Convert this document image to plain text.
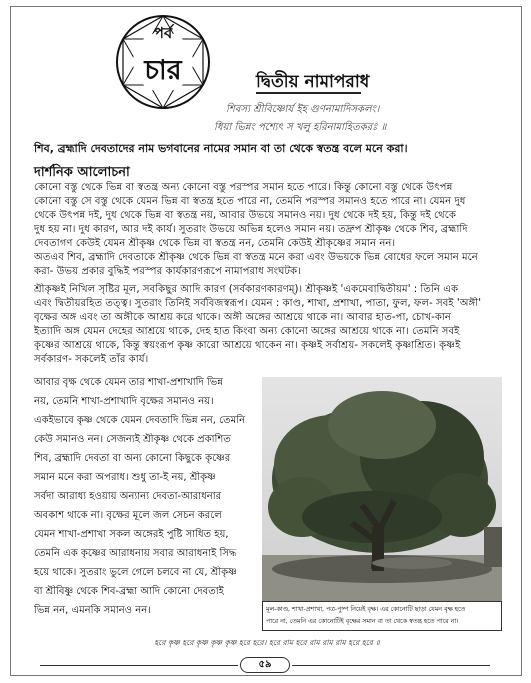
পর্ব
চার	দ্বিতীয় নামাপরাধ
শিবস্য শ্রীবিষ্ণোর্য ইহ গুণনামাদিসকলং।
ধিয়া ভিন্নং পশ্যেৎ স খলু হরিনামাহিতকরঃ ॥
শিব, ব্রহ্মাদি দেবতাদের নাম ভগবানের নামের সমান বা তা থেকে স্বতন্ত্র বলে মনে করা।
দার্শনিক আলোচনা
কোনো বস্তু থেকে ভিন্ন বা স্বতন্ত্র অন্য কোনো বস্তু পরস্পর সমান হতে পারে। কিন্তু কোনো বস্তু থেকে উৎপন্ন
কোনো বস্তু সে বস্তু থেকে যেমন ভিন্ন বা স্বতন্ত্র হতে পারে না, তেমনি পরস্পর সমানও হতে পারে না। যেমন দুধ
থেকে উৎপন্ন দই, দুধ থেকে ভিন্ন বা স্বতন্ত্র নয়, আবার উভয়ে সমানও নয়। দুধ থেকে দই হয়, কিন্তু দই থেকে
দুধ হয় না। দুধ কারণ, আর দই কার্য। সুতরাং উভয়ে অভিন্ন হলেও সমান নয়। তদ্রুপ শ্রীকৃষ্ণ থেকে শিব, ব্রহ্মাদি
দেবতাগণ কেউই যেমন শ্রীকৃষ্ণ থেকে ভিন্ন বা স্বতন্ত্র নন, তেমনি কেউই শ্রীকৃষ্ণের সমান নন।
অতএব শিব, ব্রহ্মাদি দেবতাকে শ্রীকৃষ্ণ থেকে ভিন্ন বা স্বতন্ত্র মনে করা এবং উভয়কে ভিন্ন বোধের ফলে সমান মনে
করা- উভয় প্রকার বুদ্ধিই পরস্পর কার্যকারণরূপে নামাপরাধ সংঘটক।
শ্রীকৃষ্ণই নিখিল সৃষ্টির মূল, সবকিছুর আদি কারণ (সর্বকারণকারণম্)। শ্রীকৃষ্ণই 'একমেবাদ্বিতীয়ম' : তিনি এক
এবং দ্বিতীয়রহিত তত্ত্ব। সুতরাং তিনিই সর্ববিজস্বরূপ। যেমন : কাণ্ড, শাখা, প্রশাখা, পাতা, ফুল, ফল- সবই 'অঙ্গী'
বৃক্ষের অঙ্গ এবং তা অঙ্গীকে আশ্রয় করে থাকে। অঙ্গী অঙ্গের আশ্রয়ে থাকে না। আবার হাত-পা, চোখ-কান
ইত্যাদি অঙ্গ যেমন দেহের আশ্রয়ে থাকে, দেহ হাত কিংবা অন্য কোনো অঙ্গের আশ্রয়ে থাকে না। তেমনি সবই
কৃষ্ণের আশ্রয়ে থাকে, কিন্তু স্বয়ংরূপ কৃষ্ণ কারো আশ্রয়ে থাকেন না। কৃষ্ণই সর্বাশ্রয়- সকলেই কৃষ্ণাশ্রিত। কৃষ্ণই
সর্বকারণ- সকলেই তাঁর কার্য।
আবার বৃক্ষ থেকে যেমন তার শাখা-প্রশাখাদি ভিন্ন
নয়, তেমনি শাখা-প্রশাখাদি বৃক্ষের সমানও নয়।
একইভাবে কৃষ্ণ থেকে যেমন দেবতাদি ভিন্ন নন, তেমনি
কেউ সমানও নন। সেজন্যই শ্রীকৃষ্ণ থেকে প্রকাশিত
শিব, ব্রহ্মাদি দেবতা বা অন্য কোনো কিছুকে কৃষ্ণের
সমান মনে করা অপরাধ। শুধু তা-ই নয়, শ্রীকৃষ্ণ
সর্বদা আরাধ্য হওয়ায় অন্যান্য দেবতা-আরাধনার
অবকাশ থাকে না। বৃক্ষের মূলে জল সেচন করলে
যেমন শাখা-প্রশাখা সকল অঙ্গেরই পুষ্টি সাধিত হয়,
তেমনি এক কৃষ্ণের আরাধনায় সবার আরাধনাই সিদ্ধ
হয়ে থাকে। সুতরাং ভুলে গেলে চলবে না যে, শ্রীকৃষ্ণ
বা শ্রীবিষ্ণু থেকে শিব-ব্রহ্মা আদি কোনো দেবতাই
ভিন্ন নন, এমনকি সমানও নন।	মূল-কাণ্ড, শাখা-প্রশাখা, পত্র-পুষ্প নিয়েই বৃক্ষ। এর কোনোটি ছাড়া যেমন বৃক্ষ হতে
পারে না, তেমনি এর কোনোটিই বৃক্ষের সমান বা তা থেকে স্বতন্ত্র হতে পারে না।
হরে কৃষ্ণ হরে কৃষ্ণ কৃষ্ণ কৃষ্ণ হরে হরে। হরে রাম হরে রাম রাম রাম হরে হরে ॥
৫৯
